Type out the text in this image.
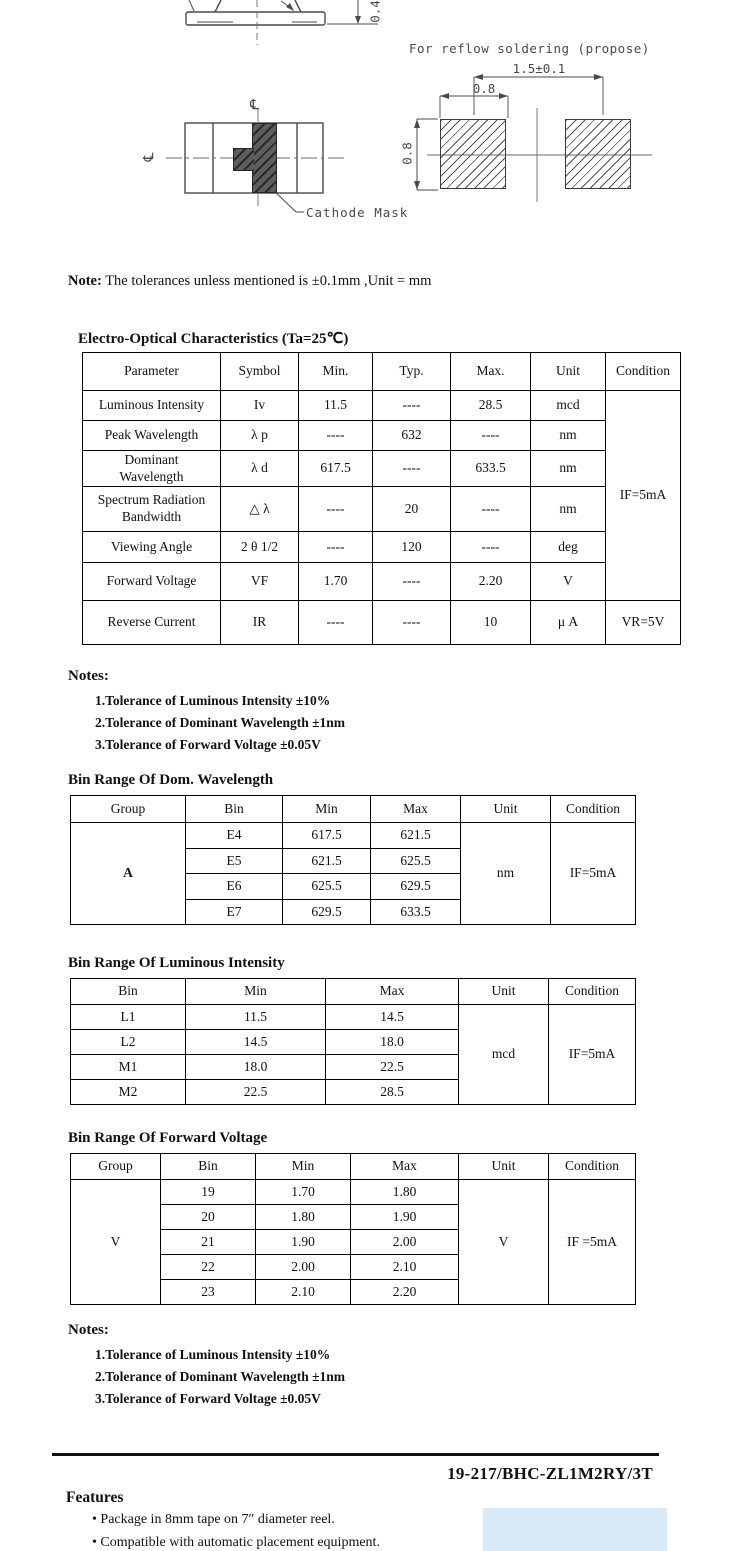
For reflow soldering (propose)
1.5±0.1
0.8
0.8
0.4
℄
℄
Cathode Mask
Note: The tolerances unless mentioned is ±0.1mm ,Unit = mm
Electro-Optical Characteristics (Ta=25℃)
Parameter	Symbol	Min.	Typ.	Max.	Unit	Condition
Luminous Intensity	Iv	11.5	----	28.5	mcd	IF=5mA
Peak Wavelength	λ p	----	632	----	nm	
Dominant Wavelength	λ d	617.5	----	633.5	nm	
Spectrum Radiation Bandwidth	△ λ	----	20	----	nm	
Viewing Angle	2 θ 1/2	----	120	----	deg	
Forward Voltage	VF	1.70	----	2.20	V	
Reverse Current	IR	----	----	10	μ A	VR=5V
Notes:
1.Tolerance of Luminous Intensity ±10%
2.Tolerance of Dominant Wavelength ±1nm
3.Tolerance of Forward Voltage ±0.05V
Bin Range Of Dom. Wavelength
Group	Bin	Min	Max	Unit	Condition
A	E4	617.5	621.5	nm	IF=5mA
	E5	621.5	625.5		
	E6	625.5	629.5		
	E7	629.5	633.5		
Bin Range Of Luminous Intensity
Bin	Min	Max	Unit	Condition
L1	11.5	14.5	mcd	IF=5mA
L2	14.5	18.0		
M1	18.0	22.5		
M2	22.5	28.5		
Bin Range Of Forward Voltage
Group	Bin	Min	Max	Unit	Condition
V	19	1.70	1.80	V	IF =5mA
	20	1.80	1.90		
	21	1.90	2.00		
	22	2.00	2.10		
	23	2.10	2.20		
Notes:
1.Tolerance of Luminous Intensity ±10%
2.Tolerance of Dominant Wavelength ±1nm
3.Tolerance of Forward Voltage ±0.05V
19-217/BHC-ZL1M2RY/3T
Features
• Package in 8mm tape on 7″ diameter reel.
• Compatible with automatic placement equipment.
